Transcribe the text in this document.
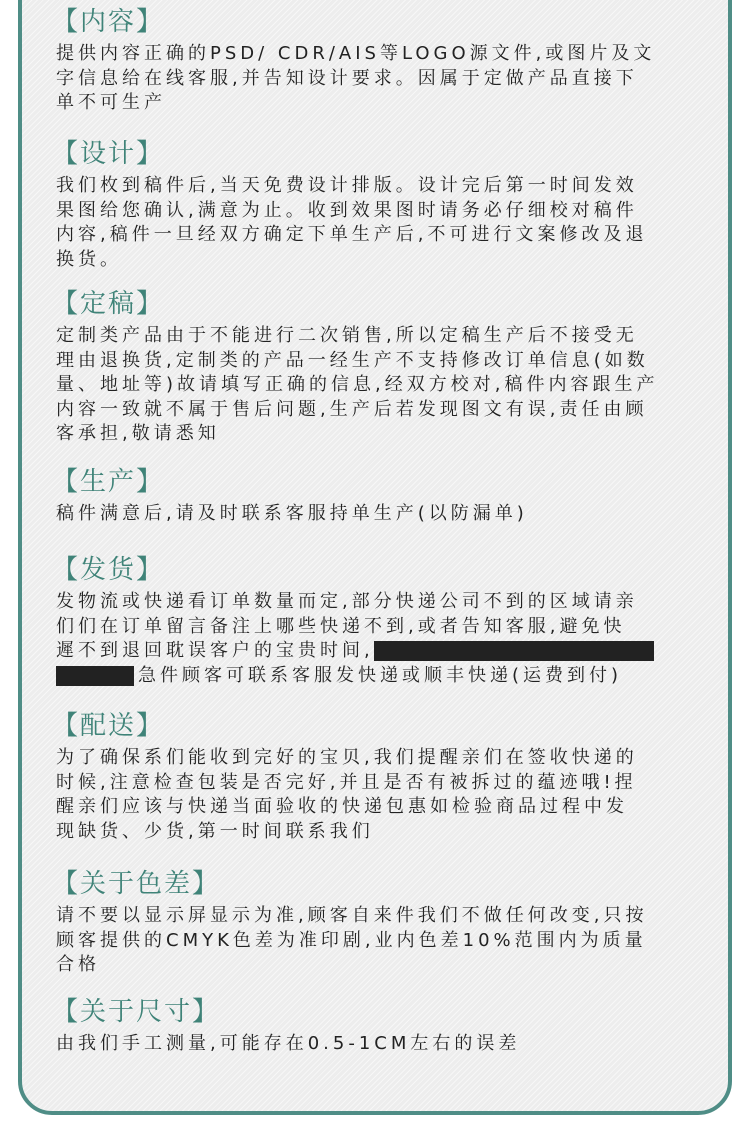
【内容】
提供内容正确的PSD/ CDR/AIS等LOGO源文件,或图片及文
字信息给在线客服,并告知设计要求。因属于定做产品直接下
单不可生产
【设计】
我们枚到稿件后,当天免费设计排版。设计完后第一时间发效
果图给您确认,满意为止。收到效果图时请务必仔细校对稿件
内容,稿件一旦经双方确定下单生产后,不可进行文案修改及退
换货。
【定稿】
定制类产品由于不能进行二次销售,所以定稿生产后不接受无
理由退换货,定制类的产品一经生产不支持修改订单信息(如数
量、地址等)故请填写正确的信息,经双方校对,稿件内容跟生产
内容一致就不属于售后问题,生产后若发现图文有误,责任由顾
客承担,敬请悉知
【生产】
稿件满意后,请及时联系客服持单生产(以防漏单)
【发货】
发物流或快递看订单数量而定,部分快递公司不到的区域请亲
们们在订单留言备注上哪些快递不到,或者告知客服,避免快
遲不到退回耽误客户的宝贵时间,
急件顾客可联系客服发快递或顺丰快递(运费到付)
【配送】
为了确保系们能收到完好的宝贝,我们提醒亲们在签收快递的
时候,注意检查包装是否完好,并且是否有被拆过的蕴迹哦!捏
醒亲们应该与快递当面验收的快递包惠如检验商品过程中发
现缺货、少货,第一时间联系我们
【关于色差】
请不要以显示屏显示为准,顾客自来件我们不做任何改变,只按
顾客提供的CMYK色差为准印剧,业内色差10%范围内为质量
合格
【关于尺寸】
由我们手工测量,可能存在0.5-1CM左右的误差
